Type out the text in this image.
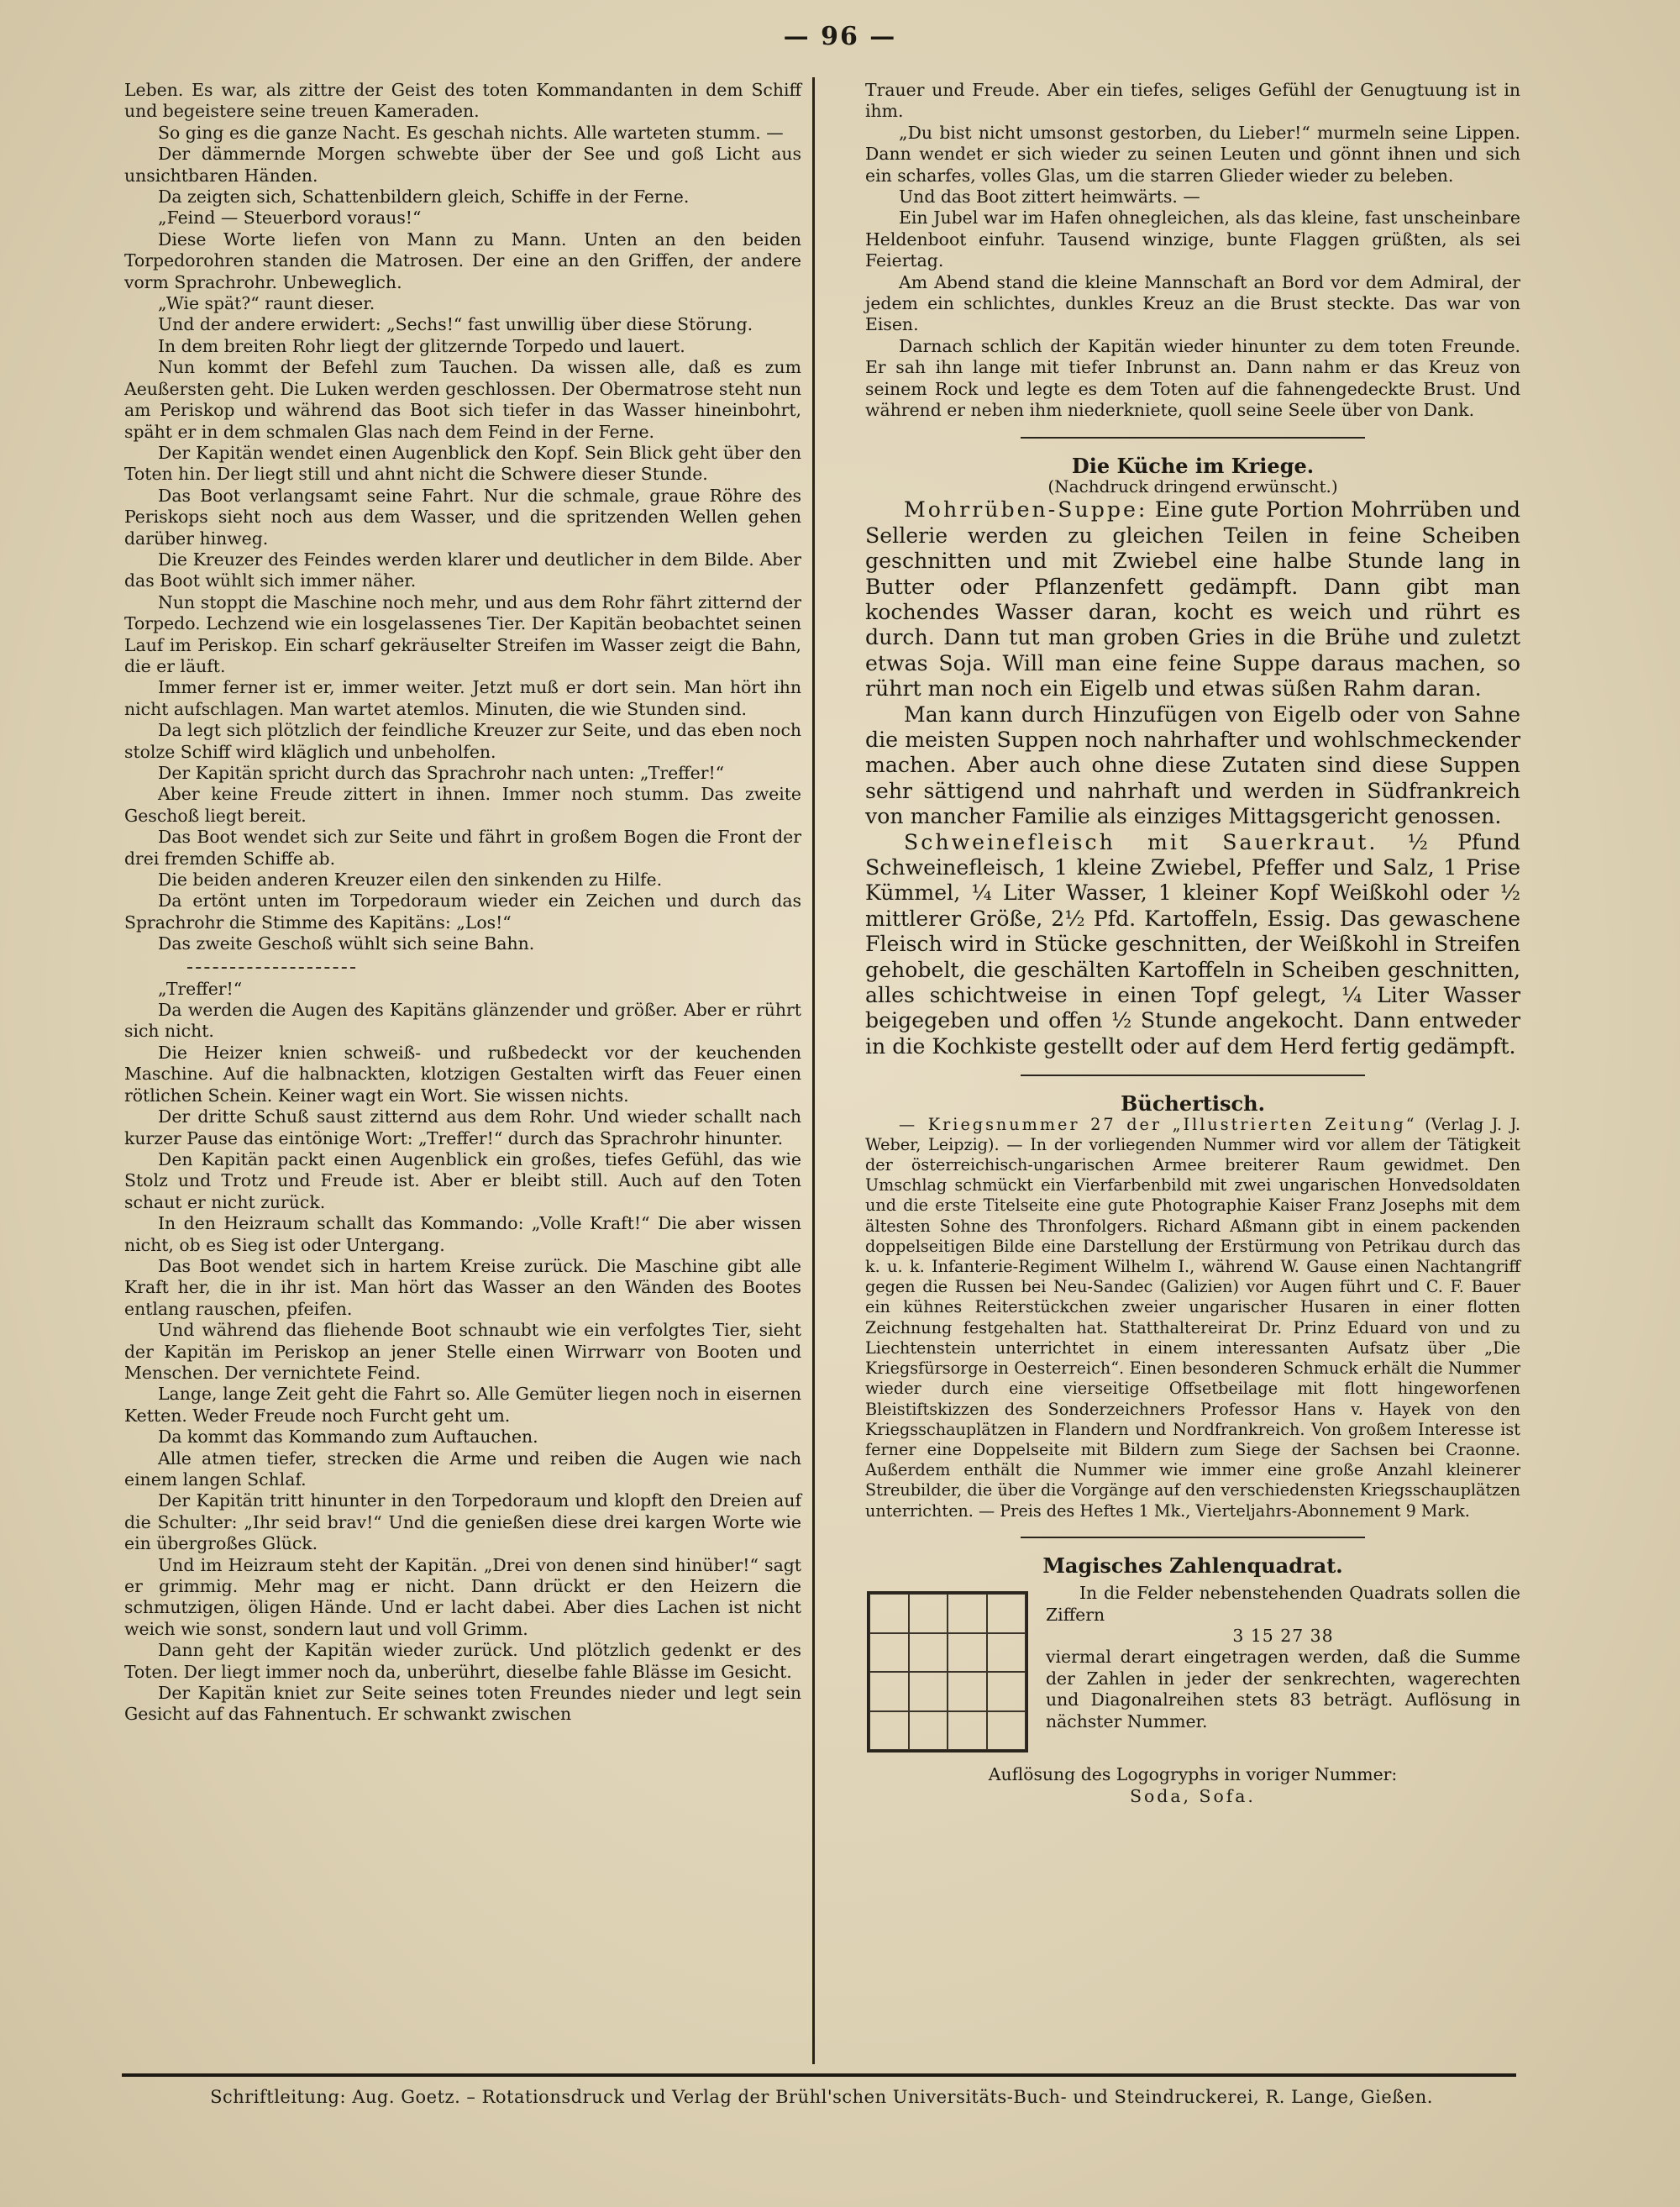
— 96 —

Leben. Es war, als zittre der Geist des toten Kommandanten in dem Schiff und begeistere seine treuen Kameraden.

So ging es die ganze Nacht. Es geschah nichts. Alle warteten stumm. —

Der dämmernde Morgen schwebte über der See und goß Licht aus unsichtbaren Händen.

Da zeigten sich, Schattenbildern gleich, Schiffe in der Ferne.

„Feind — Steuerbord voraus!“

Diese Worte liefen von Mann zu Mann. Unten an den beiden Torpedorohren standen die Matrosen. Der eine an den Griffen, der andere vorm Sprachrohr. Unbeweglich.

„Wie spät?“ raunt dieser.

Und der andere erwidert: „Sechs!“ fast unwillig über diese Störung.

In dem breiten Rohr liegt der glitzernde Torpedo und lauert.

Nun kommt der Befehl zum Tauchen. Da wissen alle, daß es zum Aeußersten geht. Die Luken werden geschlossen. Der Obermatrose steht nun am Periskop und während das Boot sich tiefer in das Wasser hineinbohrt, späht er in dem schmalen Glas nach dem Feind in der Ferne.

Der Kapitän wendet einen Augenblick den Kopf. Sein Blick geht über den Toten hin. Der liegt still und ahnt nicht die Schwere dieser Stunde.

Das Boot verlangsamt seine Fahrt. Nur die schmale, graue Röhre des Periskops sieht noch aus dem Wasser, und die spritzenden Wellen gehen darüber hinweg.

Die Kreuzer des Feindes werden klarer und deutlicher in dem Bilde. Aber das Boot wühlt sich immer näher.

Nun stoppt die Maschine noch mehr, und aus dem Rohr fährt zitternd der Torpedo. Lechzend wie ein losgelassenes Tier. Der Kapitän beobachtet seinen Lauf im Periskop. Ein scharf gekräuselter Streifen im Wasser zeigt die Bahn, die er läuft.

Immer ferner ist er, immer weiter. Jetzt muß er dort sein. Man hört ihn nicht aufschlagen. Man wartet atemlos. Minuten, die wie Stunden sind.

Da legt sich plötzlich der feindliche Kreuzer zur Seite, und das eben noch stolze Schiff wird kläglich und unbeholfen.

Der Kapitän spricht durch das Sprachrohr nach unten: „Treffer!“

Aber keine Freude zittert in ihnen. Immer noch stumm. Das zweite Geschoß liegt bereit.

Das Boot wendet sich zur Seite und fährt in großem Bogen die Front der drei fremden Schiffe ab.

Die beiden anderen Kreuzer eilen den sinkenden zu Hilfe.

Da ertönt unten im Torpedoraum wieder ein Zeichen und durch das Sprachrohr die Stimme des Kapitäns: „Los!“

Das zweite Geschoß wühlt sich seine Bahn.

„Treffer!“

Da werden die Augen des Kapitäns glänzender und größer. Aber er rührt sich nicht.

Die Heizer knien schweiß- und rußbedeckt vor der keuchenden Maschine. Auf die halbnackten, klotzigen Gestalten wirft das Feuer einen rötlichen Schein. Keiner wagt ein Wort. Sie wissen nichts.

Der dritte Schuß saust zitternd aus dem Rohr. Und wieder schallt nach kurzer Pause das eintönige Wort: „Treffer!“ durch das Sprachrohr hinunter.

Den Kapitän packt einen Augenblick ein großes, tiefes Gefühl, das wie Stolz und Trotz und Freude ist. Aber er bleibt still. Auch auf den Toten schaut er nicht zurück.

In den Heizraum schallt das Kommando: „Volle Kraft!“ Die aber wissen nicht, ob es Sieg ist oder Untergang.

Das Boot wendet sich in hartem Kreise zurück. Die Maschine gibt alle Kraft her, die in ihr ist. Man hört das Wasser an den Wänden des Bootes entlang rauschen, pfeifen.

Und während das fliehende Boot schnaubt wie ein verfolgtes Tier, sieht der Kapitän im Periskop an jener Stelle einen Wirrwarr von Booten und Menschen. Der vernichtete Feind.

Lange, lange Zeit geht die Fahrt so. Alle Gemüter liegen noch in eisernen Ketten. Weder Freude noch Furcht geht um.

Da kommt das Kommando zum Auftauchen.

Alle atmen tiefer, strecken die Arme und reiben die Augen wie nach einem langen Schlaf.

Der Kapitän tritt hinunter in den Torpedoraum und klopft den Dreien auf die Schulter: „Ihr seid brav!“ Und die genießen diese drei kargen Worte wie ein übergroßes Glück.

Und im Heizraum steht der Kapitän. „Drei von denen sind hinüber!“ sagt er grimmig. Mehr mag er nicht. Dann drückt er den Heizern die schmutzigen, öligen Hände. Und er lacht dabei. Aber dies Lachen ist nicht weich wie sonst, sondern laut und voll Grimm.

Dann geht der Kapitän wieder zurück. Und plötzlich gedenkt er des Toten. Der liegt immer noch da, unberührt, dieselbe fahle Blässe im Gesicht.

Der Kapitän kniet zur Seite seines toten Freundes nieder und legt sein Gesicht auf das Fahnentuch. Er schwankt zwischen

Trauer und Freude. Aber ein tiefes, seliges Gefühl der Genugtuung ist in ihm.

„Du bist nicht umsonst gestorben, du Lieber!“ murmeln seine Lippen. Dann wendet er sich wieder zu seinen Leuten und gönnt ihnen und sich ein scharfes, volles Glas, um die starren Glieder wieder zu beleben.

Und das Boot zittert heimwärts. —

Ein Jubel war im Hafen ohnegleichen, als das kleine, fast unscheinbare Heldenboot einfuhr. Tausend winzige, bunte Flaggen grüßten, als sei Feiertag.

Am Abend stand die kleine Mannschaft an Bord vor dem Admiral, der jedem ein schlichtes, dunkles Kreuz an die Brust steckte. Das war von Eisen.

Darnach schlich der Kapitän wieder hinunter zu dem toten Freunde. Er sah ihn lange mit tiefer Inbrunst an. Dann nahm er das Kreuz von seinem Rock und legte es dem Toten auf die fahnengedeckte Brust. Und während er neben ihm niederkniete, quoll seine Seele über von Dank.

Die Küche im Kriege.

(Nachdruck dringend erwünscht.)

Mohrrüben-Suppe: Eine gute Portion Mohrrüben und Sellerie werden zu gleichen Teilen in feine Scheiben geschnitten und mit Zwiebel eine halbe Stunde lang in Butter oder Pflanzenfett gedämpft. Dann gibt man kochendes Wasser daran, kocht es weich und rührt es durch. Dann tut man groben Gries in die Brühe und zuletzt etwas Soja. Will man eine feine Suppe daraus machen, so rührt man noch ein Eigelb und etwas süßen Rahm daran.

Man kann durch Hinzufügen von Eigelb oder von Sahne die meisten Suppen noch nahrhafter und wohlschmeckender machen. Aber auch ohne diese Zutaten sind diese Suppen sehr sättigend und nahrhaft und werden in Südfrankreich von mancher Familie als einziges Mittagsgericht genossen.

Schweinefleisch mit Sauerkraut. ½ Pfund Schweinefleisch, 1 kleine Zwiebel, Pfeffer und Salz, 1 Prise Kümmel, ¼ Liter Wasser, 1 kleiner Kopf Weißkohl oder ½ mittlerer Größe, 2½ Pfd. Kartoffeln, Essig. Das gewaschene Fleisch wird in Stücke geschnitten, der Weißkohl in Streifen gehobelt, die geschälten Kartoffeln in Scheiben geschnitten, alles schichtweise in einen Topf gelegt, ¼ Liter Wasser beigegeben und offen ½ Stunde angekocht. Dann entweder in die Kochkiste gestellt oder auf dem Herd fertig gedämpft.

Büchertisch.

— Kriegsnummer 27 der „Illustrierten Zeitung“ (Verlag J. J. Weber, Leipzig). — In der vorliegenden Nummer wird vor allem der Tätigkeit der österreichisch-ungarischen Armee breiterer Raum gewidmet. Den Umschlag schmückt ein Vierfarbenbild mit zwei ungarischen Honvedsoldaten und die erste Titelseite eine gute Photographie Kaiser Franz Josephs mit dem ältesten Sohne des Thronfolgers. Richard Aßmann gibt in einem packenden doppelseitigen Bilde eine Darstellung der Erstürmung von Petrikau durch das k. u. k. Infanterie-Regiment Wilhelm I., während W. Gause einen Nachtangriff gegen die Russen bei Neu-Sandec (Galizien) vor Augen führt und C. F. Bauer ein kühnes Reiterstückchen zweier ungarischer Husaren in einer flotten Zeichnung festgehalten hat. Statthaltereirat Dr. Prinz Eduard von und zu Liechtenstein unterrichtet in einem interessanten Aufsatz über „Die Kriegsfürsorge in Oesterreich“. Einen besonderen Schmuck erhält die Nummer wieder durch eine vierseitige Offsetbeilage mit flott hingeworfenen Bleistiftskizzen des Sonderzeichners Professor Hans v. Hayek von den Kriegsschauplätzen in Flandern und Nordfrankreich. Von großem Interesse ist ferner eine Doppelseite mit Bildern zum Siege der Sachsen bei Craonne. Außerdem enthält die Nummer wie immer eine große Anzahl kleinerer Streubilder, die über die Vorgänge auf den verschiedensten Kriegsschauplätzen unterrichten. — Preis des Heftes 1 Mk., Vierteljahrs-Abonnement 9 Mark.

Magisches Zahlenquadrat.

In die Felder nebenstehenden Quadrats sollen die Ziffern

3 15 27 38

viermal derart eingetragen werden, daß die Summe der Zahlen in jeder der senkrechten, wagerechten und Diagonalreihen stets 83 beträgt. Auflösung in nächster Nummer.

Auflösung des Logogryphs in voriger Nummer:
Soda, Sofa.
Schriftleitung: Aug. Goetz. – Rotationsdruck und Verlag der Brühl'schen Universitäts-Buch- und Steindruckerei, R. Lange, Gießen.
